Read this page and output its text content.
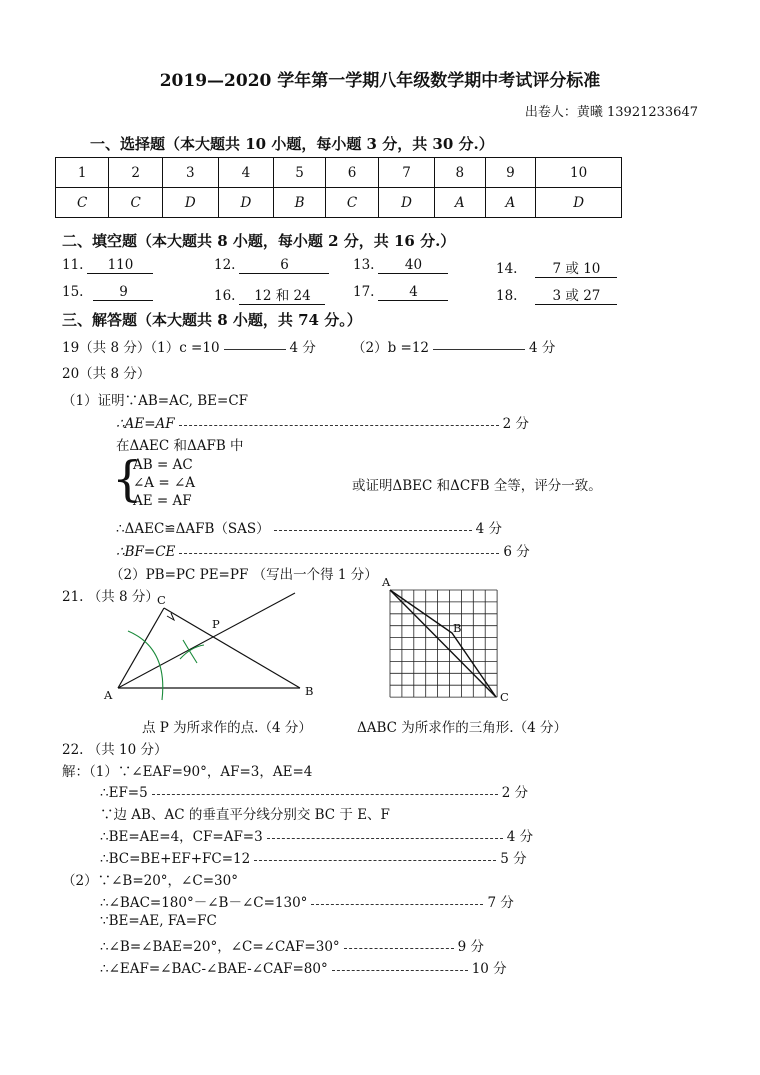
2019—2020 学年第一学期八年级数学期中考试评分标准
出卷人：黄曦 13921233647
一、选择题（本大题共 10 小题，每小题 3 分，共 30 分.）
1	2	3	4	5	6	7	8	9	10
C	C	D	D	B	C	D	A	A	D
二、填空题（本大题共 8 小题，每小题 2 分，共 16 分.）
11. 110	12.	6	13. 40	14.	7 或 10
15.	9	16. 12 和 24	17.	4	18.	3 或 27
三、解答题（本大题共 8 小题，共 74 分。）
19（共 8 分）（1）c =10	4 分	（2）b =12	4 分
20（共 8 分）
（1）证明∵AB=AC, BE=CF
∴AE=AF	2 分
在ΔAEC 和ΔAFB 中
{
AB = AC
∠A = ∠A
AE = AF
或证明ΔBEC 和ΔCFB 全等，评分一致。
∴ΔAEC≌ΔAFB（SAS）	4 分
∴BF=CE	6 分
（2）PB=PC PE=PF （写出一个得 1 分）
21. （共 8 分）
A	B
C
P
A
B
C
点 P 为所求作的点.（4 分）	ΔABC 为所求作的三角形.（4 分）
22. （共 10 分）
解：（1）∵∠EAF=90°，AF=3，AE=4
∴EF=5	2 分
∵边 AB、AC 的垂直平分线分别交 BC 于 E、F
∴BE=AE=4，CF=AF=3	4 分
∴BC=BE+EF+FC=12	5 分
（2）∵∠B=20°，∠C=30°
∴∠BAC=180°－∠B－∠C=130°	7 分
∵BE=AE, FA=FC
∴∠B=∠BAE=20°，∠C=∠CAF=30°	9 分
∴∠EAF=∠BAC-∠BAE-∠CAF=80°	10 分
